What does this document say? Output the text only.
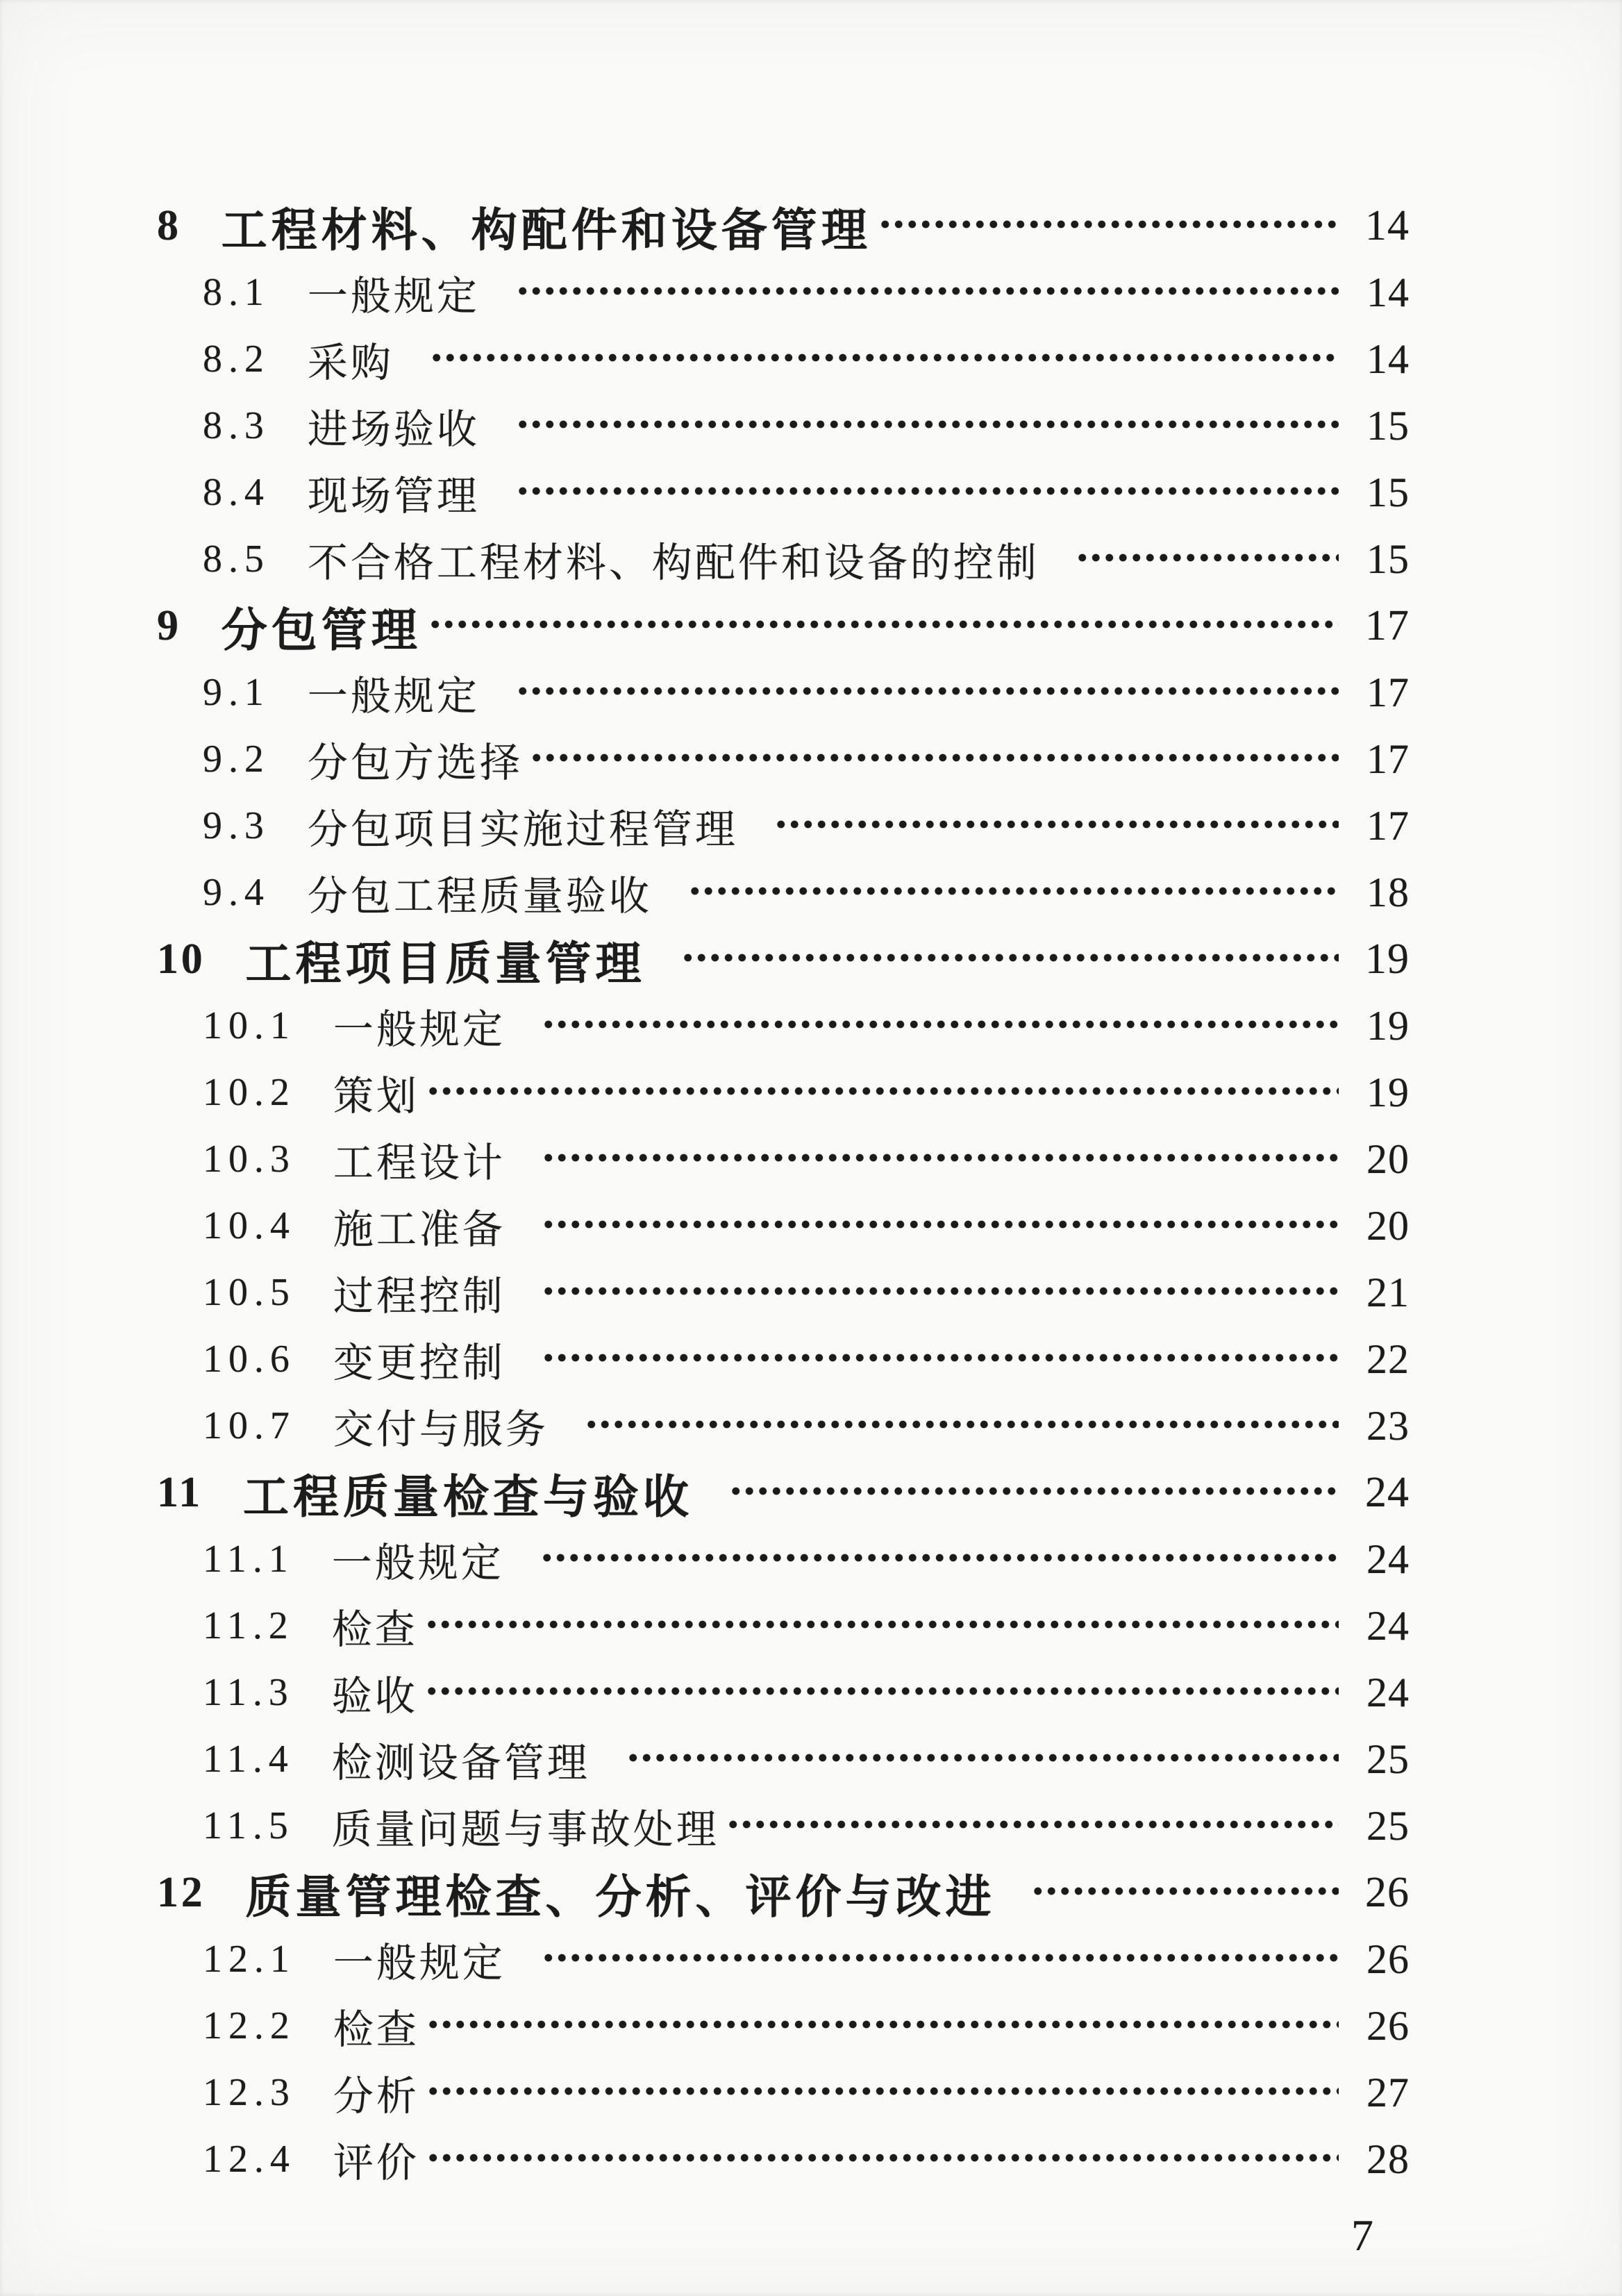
8 工程材料、构配件和设备管理	14
8.1 一般规定	14
8.2 采购	14
8.3 进场验收	15
8.4 现场管理	15
8.5 不合格工程材料、构配件和设备的控制	15
9 分包管理	17
9.1 一般规定	17
9.2 分包方选择	17
9.3 分包项目实施过程管理	17
9.4 分包工程质量验收	18
10 工程项目质量管理	19
10.1 一般规定	19
10.2 策划	19
10.3 工程设计	20
10.4 施工准备	20
10.5 过程控制	21
10.6 变更控制	22
10.7 交付与服务	23
11 工程质量检查与验收	24
11.1 一般规定	24
11.2 检查	24
11.3 验收	24
11.4 检测设备管理	25
11.5 质量问题与事故处理	25
12 质量管理检查、分析、评价与改进	26
12.1 一般规定	26
12.2 检查	26
12.3 分析	27
12.4 评价	28
7
